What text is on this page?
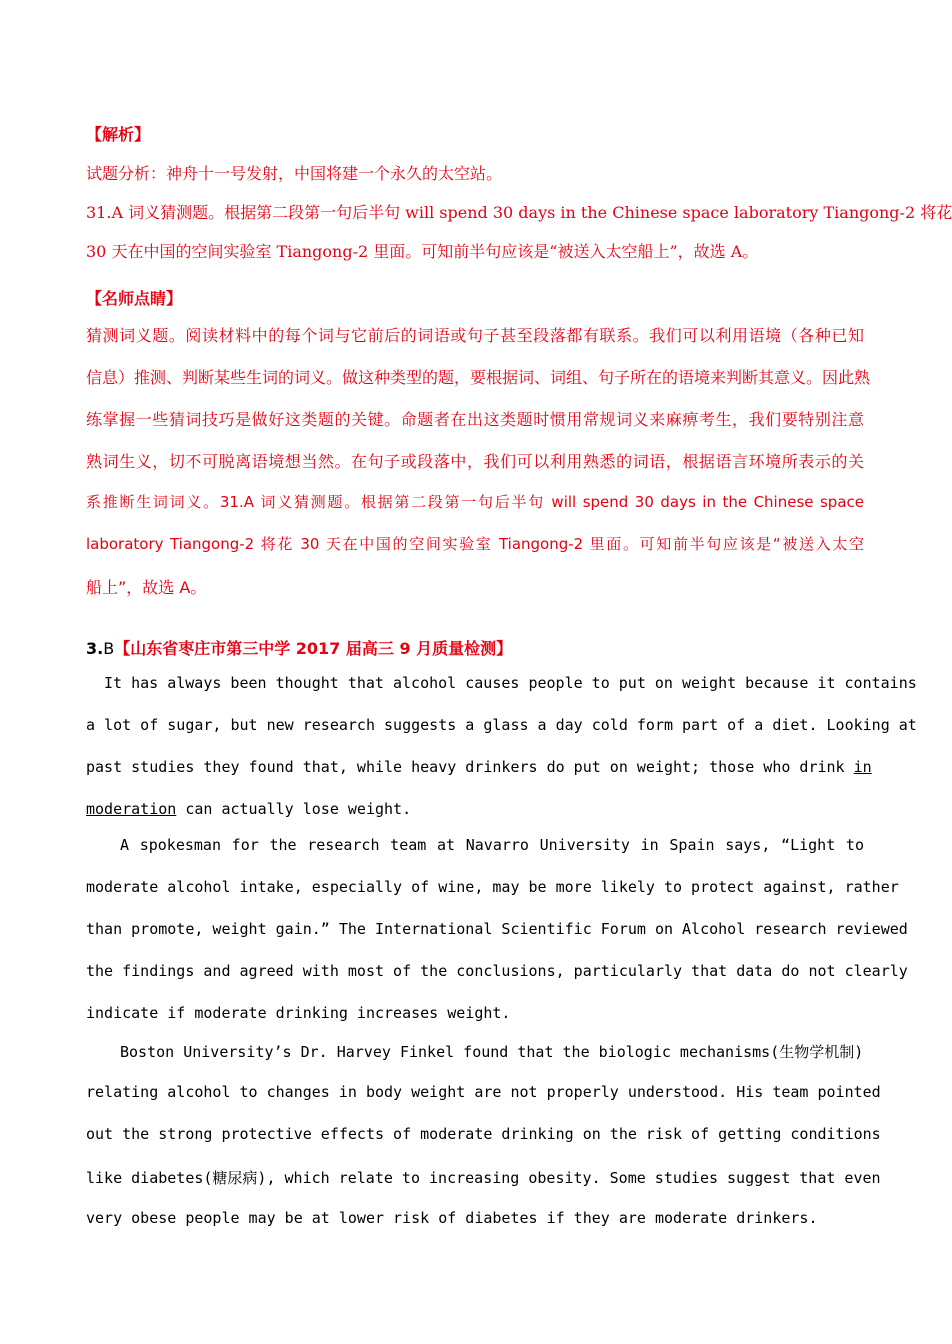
【解析】
试题分析：神舟十一号发射，中国将建一个永久的太空站。
31.A 词义猜测题。根据第二段第一句后半句 will spend 30 days in the Chinese space laboratory Tiangong-2 将花
30 天在中国的空间实验室 Tiangong-2 里面。可知前半句应该是“被送入太空船上”，故选 A。
【名师点睛】
猜测词义题。阅读材料中的每个词与它前后的词语或句子甚至段落都有联系。我们可以利用语境（各种已知
信息）推测、判断某些生词的词义。做这种类型的题，要根据词、词组、句子所在的语境来判断其意义。因此熟
练掌握一些猜词技巧是做好这类题的关键。命题者在出这类题时惯用常规词义来麻痹考生，我们要特别注意
熟词生义，切不可脱离语境想当然。在句子或段落中，我们可以利用熟悉的词语，根据语言环境所表示的关
系推断生词词义。31.A 词义猜测题。根据第二段第一句后半句 will spend 30 days in the Chinese space
laboratory Tiangong-2 将花 30 天在中国的空间实验室 Tiangong-2 里面。可知前半句应该是“被送入太空
船上”，故选 A。
3.B【山东省枣庄市第三中学 2017 届高三 9 月质量检测】
It has always been thought that alcohol causes people to put on weight because it contains
a lot of sugar, but new research suggests a glass a day cold form part of a diet. Looking at
past studies they found that, while heavy drinkers do put on weight; those who drink in
moderation can actually lose weight.
A spokesman for the research team at Navarro University in Spain says, “Light to
moderate alcohol intake, especially of wine, may be more likely to protect against, rather
than promote, weight gain.” The International Scientific Forum on Alcohol research reviewed
the findings and agreed with most of the conclusions, particularly that data do not clearly
indicate if moderate drinking increases weight.
Boston University’s Dr. Harvey Finkel found that the biologic mechanisms(生物学机制)
relating alcohol to changes in body weight are not properly understood. His team pointed
out the strong protective effects of moderate drinking on the risk of getting conditions
like diabetes(糖尿病), which relate to increasing obesity. Some studies suggest that even
very obese people may be at lower risk of diabetes if they are moderate drinkers.
